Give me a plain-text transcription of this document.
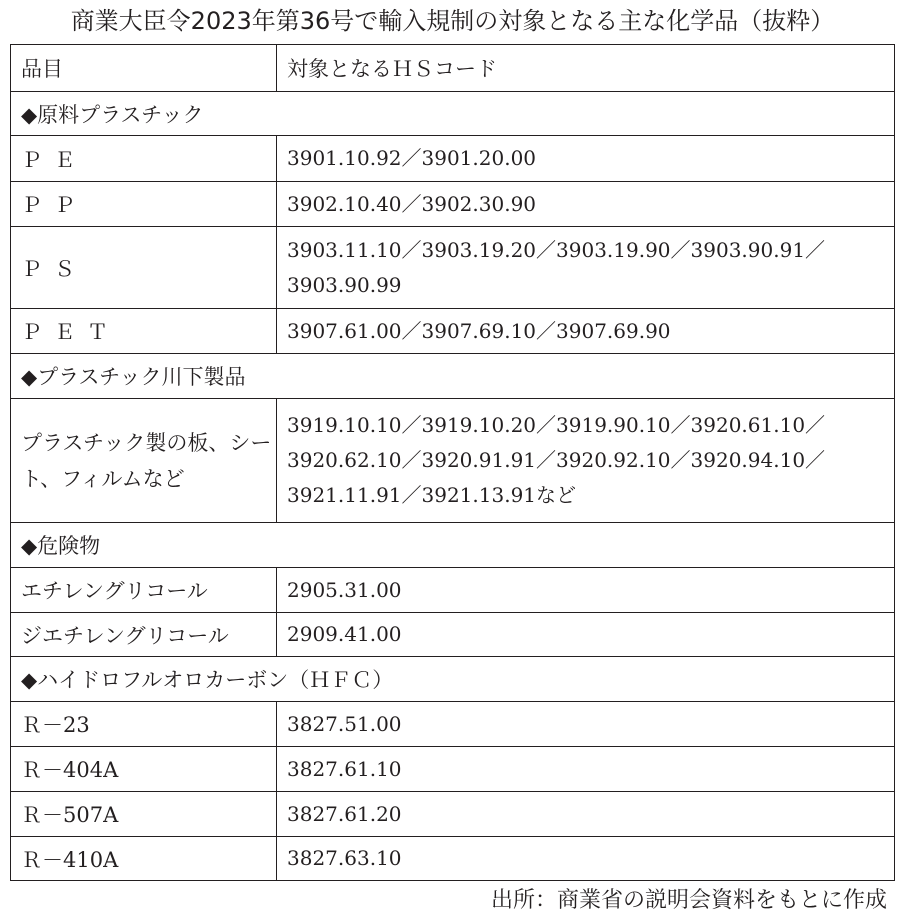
商業大臣令2023年第36号で輸入規制の対象となる主な化学品（抜粋）
品目	対象となるＨＳコード
◆原料プラスチック	
ＰＥ	3901.10.92／3901.20.00
ＰＰ	3902.10.40／3902.30.90
ＰＳ	3903.11.10／3903.19.20／3903.19.90／3903.90.91／3903.90.99
ＰＥＴ	3907.61.00／3907.69.10／3907.69.90
◆プラスチック川下製品	
プラスチック製の板、シート、フィルムなど	3919.10.10／3919.10.20／3919.90.10／3920.61.10／3920.62.10／3920.91.91／3920.92.10／3920.94.10／3921.11.91／3921.13.91など
◆危険物	
エチレングリコール	2905.31.00
ジエチレングリコール	2909.41.00
◆ハイドロフルオロカーボン（ＨＦＣ）	
Ｒ－23	3827.51.00
Ｒ－404A	3827.61.10
Ｒ－507A	3827.61.20
Ｒ－410A	3827.63.10
出所：商業省の説明会資料をもとに作成
